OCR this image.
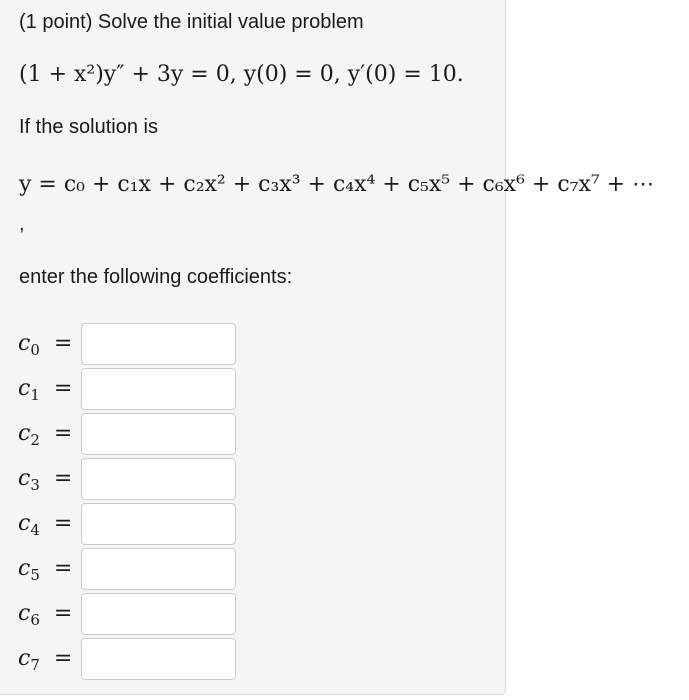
(1 point) Solve the initial value problem
(1 + x²)y″ + 3y = 0, y(0) = 0, y′(0) = 10.
If the solution is
y = c₀ + c₁x + c₂x² + c₃x³ + c₄x⁴ + c₅x⁵ + c₆x⁶ + c₇x⁷ + ⋯
,
enter the following coefficients:
$c_0$ =
$c_1$ =
$c_2$ =
$c_3$ =
$c_4$ =
$c_5$ =
$c_6$ =
$c_7$ =
